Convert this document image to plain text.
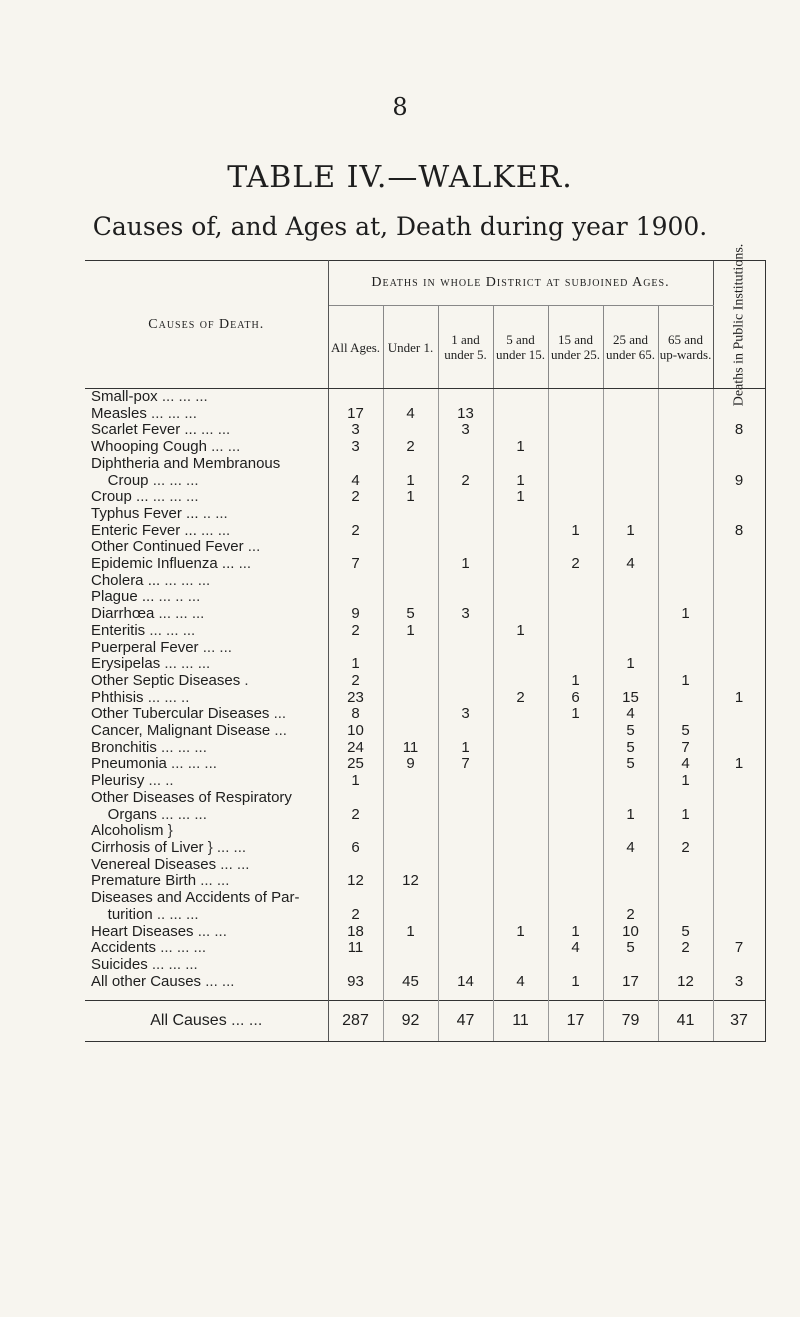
8
TABLE IV.—WALKER.
Causes of, and Ages at, Death during year 1900.
Causes of Death.	Deaths in whole District at subjoined Ages.							Deaths in Public Institutions.

	All Ages.	Under 1.	1 and under 5.	5 and under 15.	15 and under 25.	25 and under 65.	65 and up-wards.	
Small-pox ... ... ...								
Measles ... ... ...	17	4	13					
Scarlet Fever ... ... ...	3		3					8
Whooping Cough ... ...	3	2		1				
Diphtheria and Membranous								
Croup ... ... ...	4	1	2	1				9
Croup ... ... ... ...	2	1		1				
Typhus Fever ... .. ...								
Enteric Fever ... ... ...	2				1	1		8
Other Continued Fever ...								
Epidemic Influenza ... ...	7		1		2	4		
Cholera ... ... ... ...								
Plague ... ... .. ...								
Diarrhœa ... ... ...	9	5	3				1	
Enteritis ... ... ...	2	1		1				
Puerperal Fever ... ...								
Erysipelas ... ... ...	1					1		
Other Septic Diseases .	2				1		1	
Phthisis ... ... ..	23			2	6	15		1
Other Tubercular Diseases ...	8		3		1	4		
Cancer, Malignant Disease ...	10					5	5	
Bronchitis ... ... ...	24	11	1			5	7	
Pneumonia ... ... ...	25	9	7			5	4	1
Pleurisy ... ..	1						1	
Other Diseases of Respiratory								
Organs ... ... ...	2					1	1	
Alcoholism }								
Cirrhosis of Liver } ... ...	6					4	2	
Venereal Diseases ... ...								
Premature Birth ... ...	12	12						
Diseases and Accidents of Par-								
turition .. ... ...	2					2		
Heart Diseases ... ...	18	1		1	1	10	5	
Accidents ... ... ...	11				4	5	2	7
Suicides ... ... ...								
All other Causes ... ...	93	45	14	4	1	17	12	3

All Causes ... ...	287	92	47	11	17	79	41	37
